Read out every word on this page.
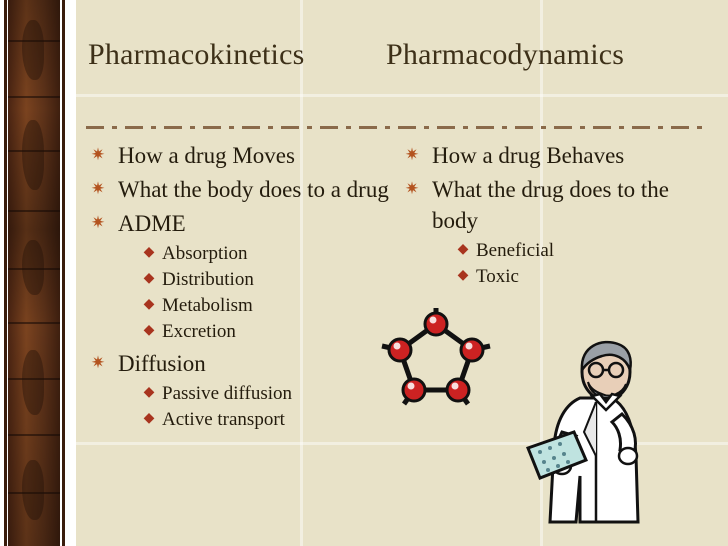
Pharmacokinetics	Pharmacodynamics
✷ How a drug Moves
✷ What the body does to a drug
✷ ADME
◆ Absorption
◆ Distribution
◆ Metabolism
◆ Excretion
✷ Diffusion
◆ Passive diffusion
◆ Active transport
✷ How a drug Behaves
✷ What the drug does to the body
◆ Beneficial
◆ Toxic
